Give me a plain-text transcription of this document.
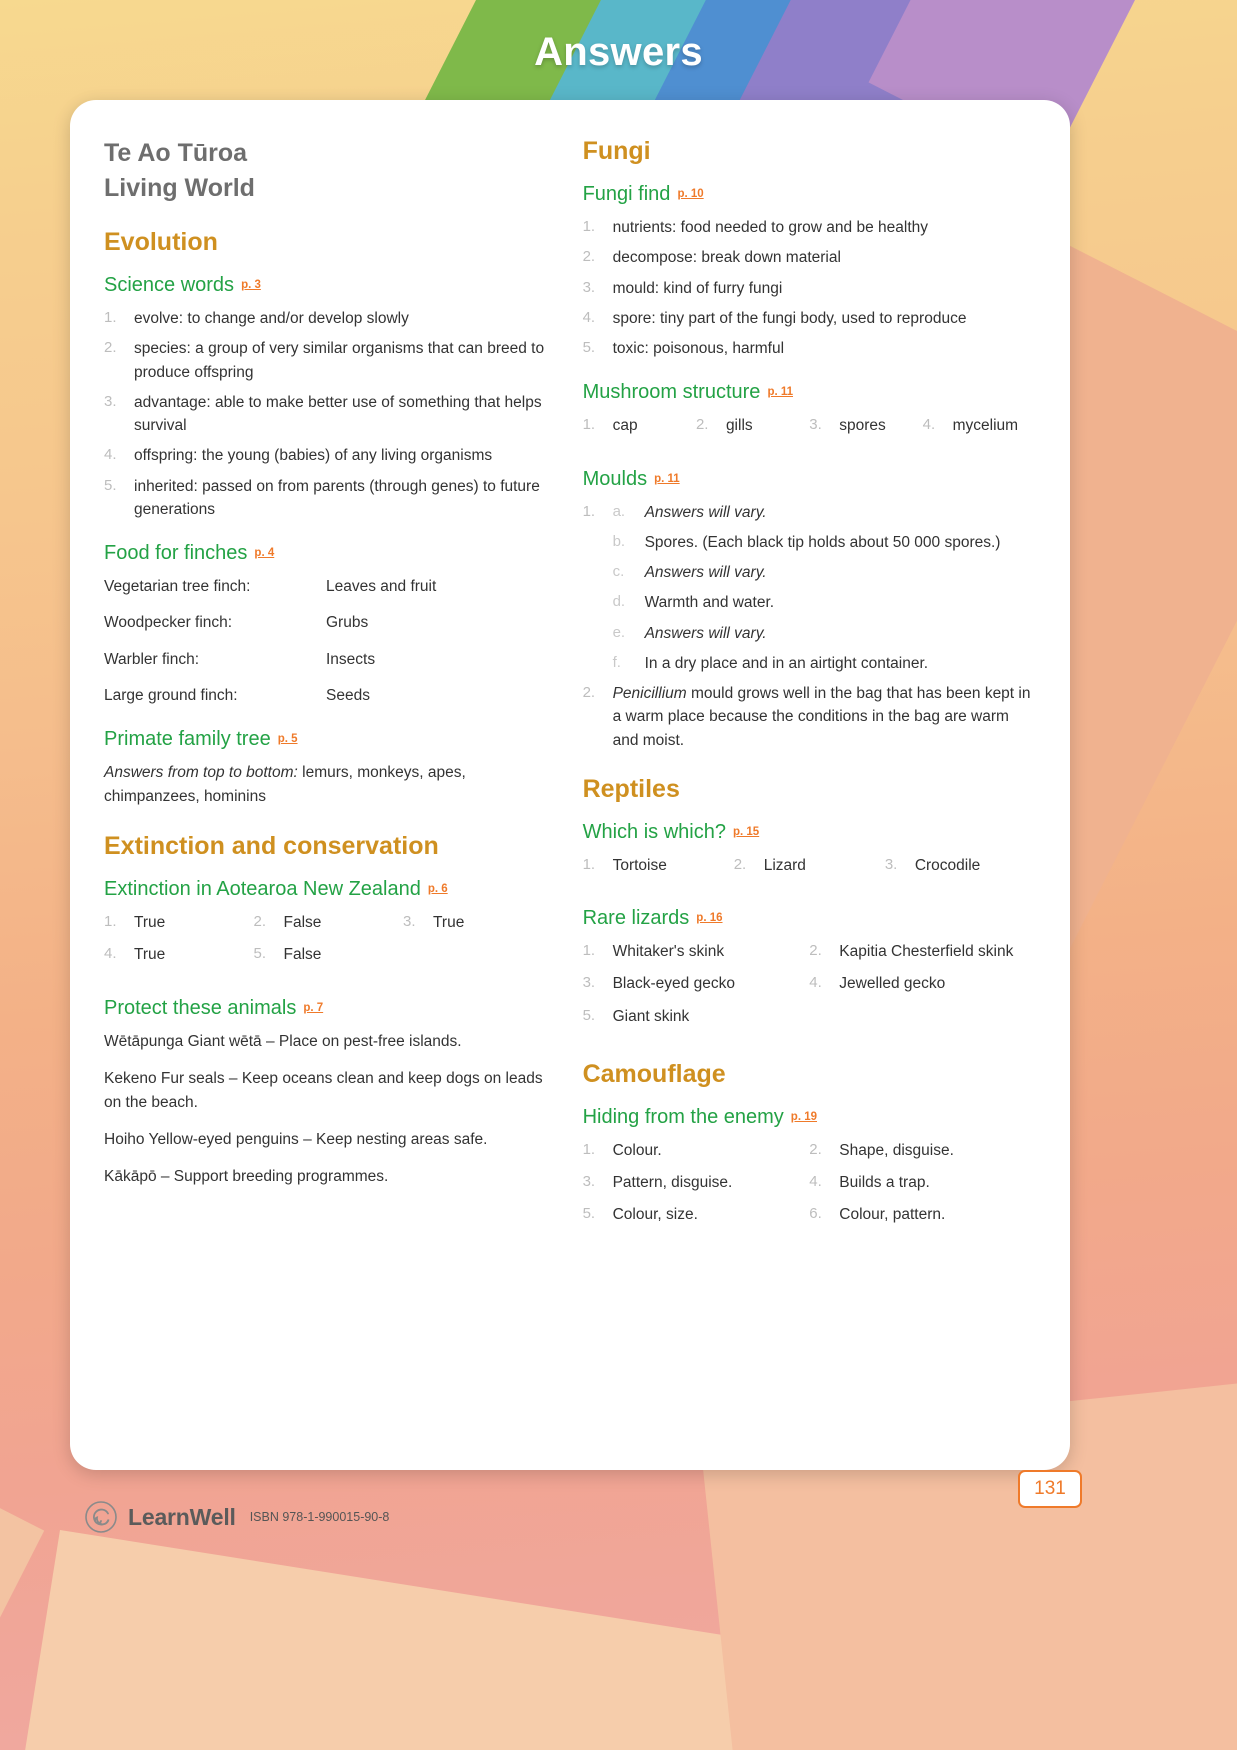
Answers
Te Ao Tūroa
Living World
Evolution
Science words p. 3
1.	evolve: to change and/or develop slowly
2.	species: a group of very similar organisms that can breed to produce offspring
3.	advantage: able to make better use of something that helps survival
4.	offspring: the young (babies) of any living organisms
5.	inherited: passed on from parents (through genes) to future generations
Food for finches p. 4
Vegetarian tree finch:	Leaves and fruit
Woodpecker finch:	Grubs
Warbler finch:	Insects
Large ground finch:	Seeds
Primate family tree p. 5

Answers from top to bottom: lemurs, monkeys, apes, chimpanzees, hominins

Extinction and conservation
Extinction in Aotearoa New Zealand p. 6
1.	True	2.	False	3.	True
4.	True	5.	False
Protect these animals p. 7

Wētāpunga Giant wētā – Place on pest-free islands.

Kekeno Fur seals – Keep oceans clean and keep dogs on leads on the beach.

Hoiho Yellow-eyed penguins – Keep nesting areas safe.

Kākāpō – Support breeding programmes.

Fungi
Fungi find p. 10
1.	nutrients: food needed to grow and be healthy
2.	decompose: break down material
3.	mould: kind of furry fungi
4.	spore: tiny part of the fungi body, used to reproduce
5.	toxic: poisonous, harmful
Mushroom structure p. 11
1.	cap	2.	gills	3.	spores	4.	mycelium
Moulds p. 11
1.	a.	Answers will vary.
b.	Spores. (Each black tip holds about 50 000 spores.)
c.	Answers will vary.
d.	Warmth and water.
e.	Answers will vary.
f.	In a dry place and in an airtight container.
2.	Penicillium mould grows well in the bag that has been kept in a warm place because the conditions in the bag are warm and moist.
Reptiles
Which is which? p. 15
1.	Tortoise	2.	Lizard	3.	Crocodile
Rare lizards p. 16
1.	Whitaker's skink	2.	Kapitia Chesterfield skink
3.	Black-eyed gecko	4.	Jewelled gecko
5.	Giant skink
Camouflage
Hiding from the enemy p. 19
1.	Colour.	2.	Shape, disguise.
3.	Pattern, disguise.	4.	Builds a trap.
5.	Colour, size.	6.	Colour, pattern.
LearnWell ISBN 978-1-990015-90-8
131
